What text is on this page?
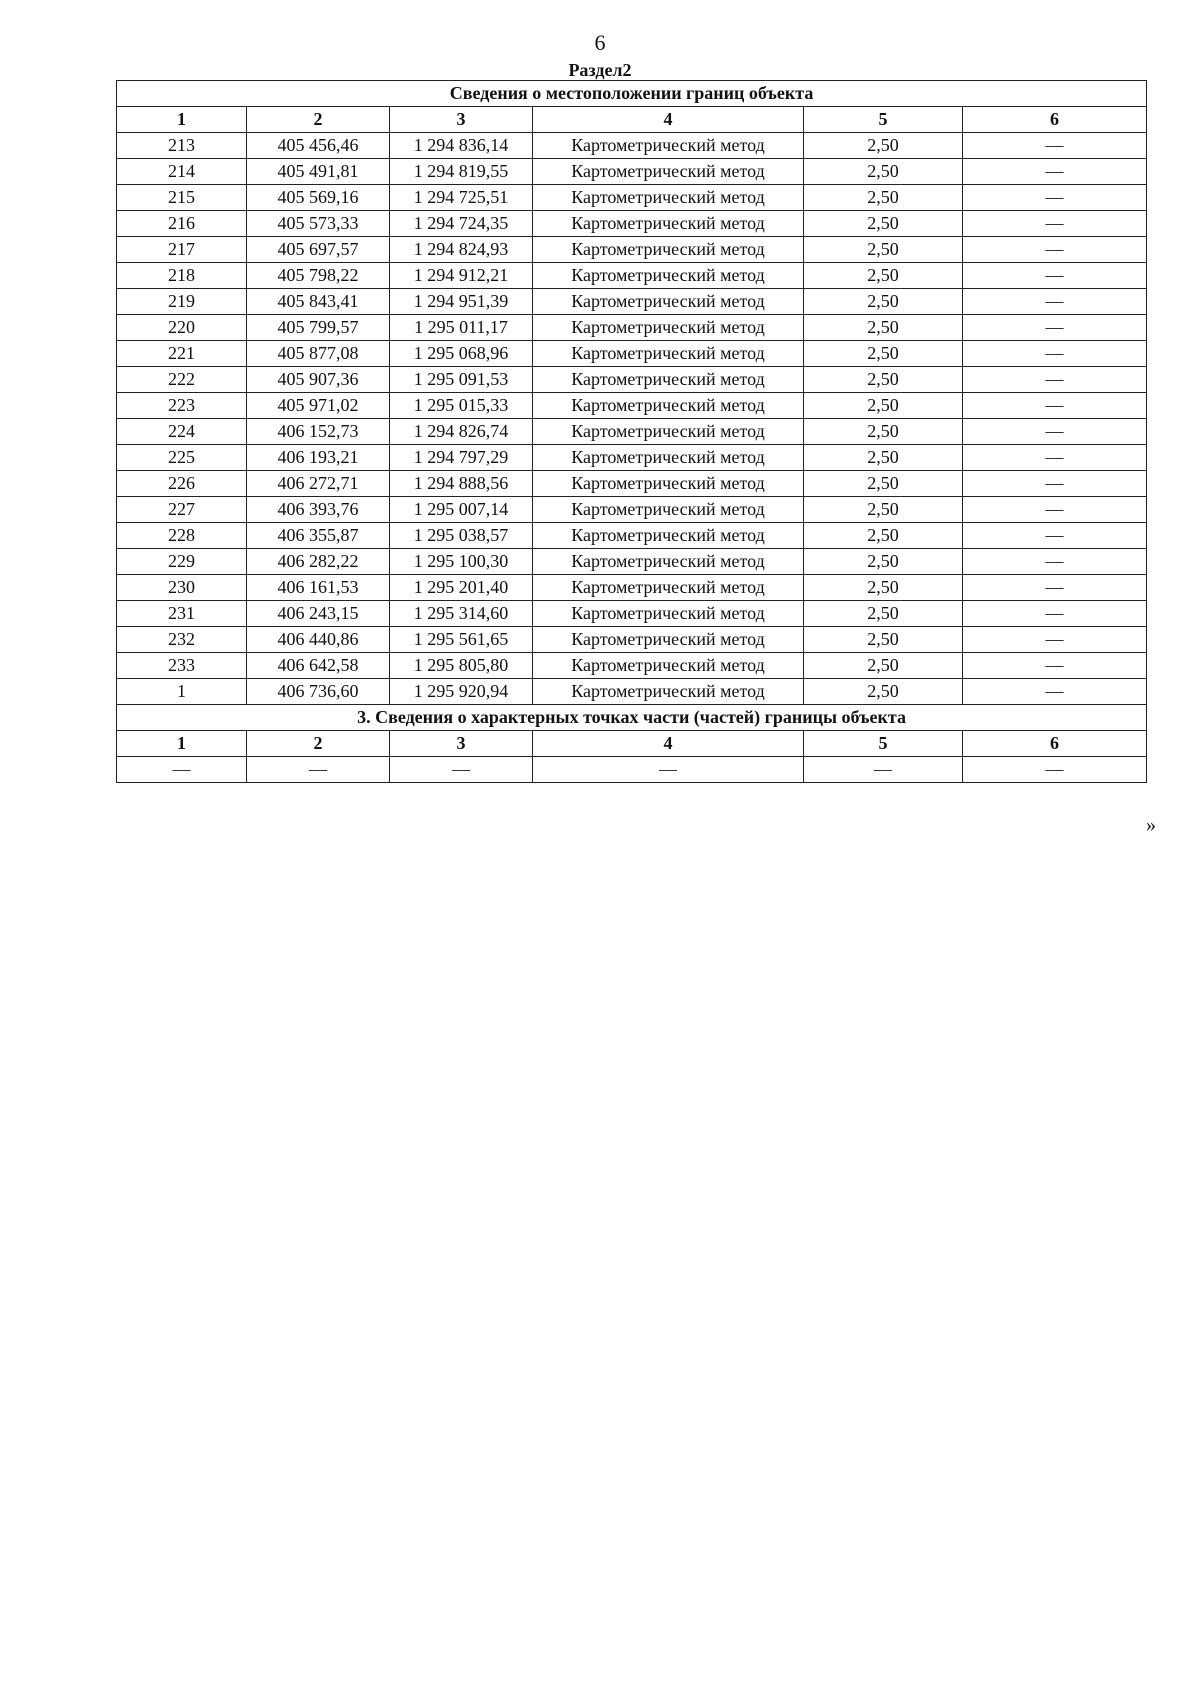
6
Раздел2
Сведения о местоположении границ объекта					
1	2	3	4	5	6
213	405 456,46	1 294 836,14	Картометрический метод	2,50	—
214	405 491,81	1 294 819,55	Картометрический метод	2,50	—
215	405 569,16	1 294 725,51	Картометрический метод	2,50	—
216	405 573,33	1 294 724,35	Картометрический метод	2,50	—
217	405 697,57	1 294 824,93	Картометрический метод	2,50	—
218	405 798,22	1 294 912,21	Картометрический метод	2,50	—
219	405 843,41	1 294 951,39	Картометрический метод	2,50	—
220	405 799,57	1 295 011,17	Картометрический метод	2,50	—
221	405 877,08	1 295 068,96	Картометрический метод	2,50	—
222	405 907,36	1 295 091,53	Картометрический метод	2,50	—
223	405 971,02	1 295 015,33	Картометрический метод	2,50	—
224	406 152,73	1 294 826,74	Картометрический метод	2,50	—
225	406 193,21	1 294 797,29	Картометрический метод	2,50	—
226	406 272,71	1 294 888,56	Картометрический метод	2,50	—
227	406 393,76	1 295 007,14	Картометрический метод	2,50	—
228	406 355,87	1 295 038,57	Картометрический метод	2,50	—
229	406 282,22	1 295 100,30	Картометрический метод	2,50	—
230	406 161,53	1 295 201,40	Картометрический метод	2,50	—
231	406 243,15	1 295 314,60	Картометрический метод	2,50	—
232	406 440,86	1 295 561,65	Картометрический метод	2,50	—
233	406 642,58	1 295 805,80	Картометрический метод	2,50	—
1	406 736,60	1 295 920,94	Картометрический метод	2,50	—
3. Сведения о характерных точках части (частей) границы объекта					
1	2	3	4	5	6
—	—	—	—	—	—
»
